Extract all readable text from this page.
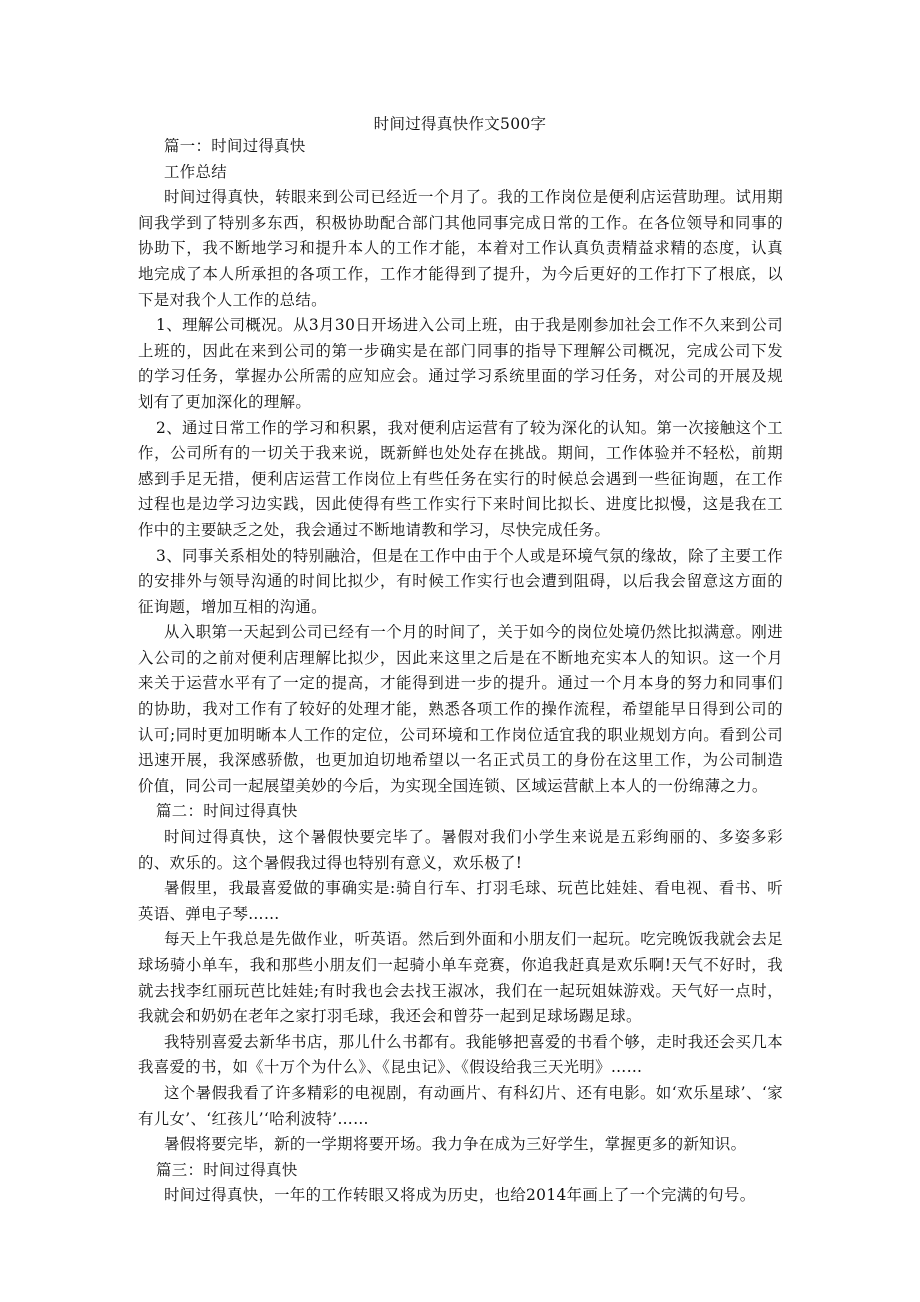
时间过得真快作文500字

篇一：时间过得真快

工作总结

时间过得真快，转眼来到公司已经近一个月了。我的工作岗位是便利店运营助理。试用期间我学到了特别多东西，积极协助配合部门其他同事完成日常的工作。在各位领导和同事的协助下，我不断地学习和提升本人的工作才能，本着对工作认真负责精益求精的态度，认真地完成了本人所承担的各项工作，工作才能得到了提升，为今后更好的工作打下了根底，以下是对我个人工作的总结。

1、理解公司概况。从3月30日开场进入公司上班，由于我是刚参加社会工作不久来到公司上班的，因此在来到公司的第一步确实是在部门同事的指导下理解公司概况，完成公司下发的学习任务，掌握办公所需的应知应会。通过学习系统里面的学习任务，对公司的开展及规划有了更加深化的理解。

2、通过日常工作的学习和积累，我对便利店运营有了较为深化的认知。第一次接触这个工作，公司所有的一切关于我来说，既新鲜也处处存在挑战。期间，工作体验并不轻松，前期感到手足无措，便利店运营工作岗位上有些任务在实行的时候总会遇到一些征询题，在工作过程也是边学习边实践，因此使得有些工作实行下来时间比拟长、进度比拟慢，这是我在工作中的主要缺乏之处，我会通过不断地请教和学习，尽快完成任务。

3、同事关系相处的特别融洽，但是在工作中由于个人或是环境气氛的缘故，除了主要工作的安排外与领导沟通的时间比拟少，有时候工作实行也会遭到阻碍，以后我会留意这方面的征询题，增加互相的沟通。

从入职第一天起到公司已经有一个月的时间了，关于如今的岗位处境仍然比拟满意。刚进入公司的之前对便利店理解比拟少，因此来这里之后是在不断地充实本人的知识。这一个月来关于运营水平有了一定的提高，才能得到进一步的提升。通过一个月本身的努力和同事们的协助，我对工作有了较好的处理才能，熟悉各项工作的操作流程，希望能早日得到公司的认可;同时更加明晰本人工作的定位，公司环境和工作岗位适宜我的职业规划方向。看到公司迅速开展，我深感骄傲，也更加迫切地希望以一名正式员工的身份在这里工作，为公司制造价值，同公司一起展望美妙的今后，为实现全国连锁、区域运营献上本人的一份绵薄之力。

篇二：时间过得真快

时间过得真快，这个暑假快要完毕了。暑假对我们小学生来说是五彩绚丽的、多姿多彩的、欢乐的。这个暑假我过得也特别有意义，欢乐极了!

暑假里，我最喜爱做的事确实是:骑自行车、打羽毛球、玩芭比娃娃、看电视、看书、听英语、弹电子琴……

每天上午我总是先做作业，听英语。然后到外面和小朋友们一起玩。吃完晚饭我就会去足球场骑小单车，我和那些小朋友们一起骑小单车竞赛，你追我赶真是欢乐啊!天气不好时，我就去找李红丽玩芭比娃娃;有时我也会去找王淑冰，我们在一起玩姐妹游戏。天气好一点时，我就会和奶奶在老年之家打羽毛球，我还会和曾芬一起到足球场踢足球。

我特别喜爱去新华书店，那儿什么书都有。我能够把喜爱的书看个够，走时我还会买几本我喜爱的书，如《十万个为什么》、《昆虫记》、《假设给我三天光明》……

这个暑假我看了许多精彩的电视剧，有动画片、有科幻片、还有电影。如‘欢乐星球’、‘家有儿女’、‘红孩儿’‘哈利波特’……

暑假将要完毕，新的一学期将要开场。我力争在成为三好学生，掌握更多的新知识。

篇三：时间过得真快

时间过得真快，一年的工作转眼又将成为历史，也给2014年画上了一个完满的句号。
